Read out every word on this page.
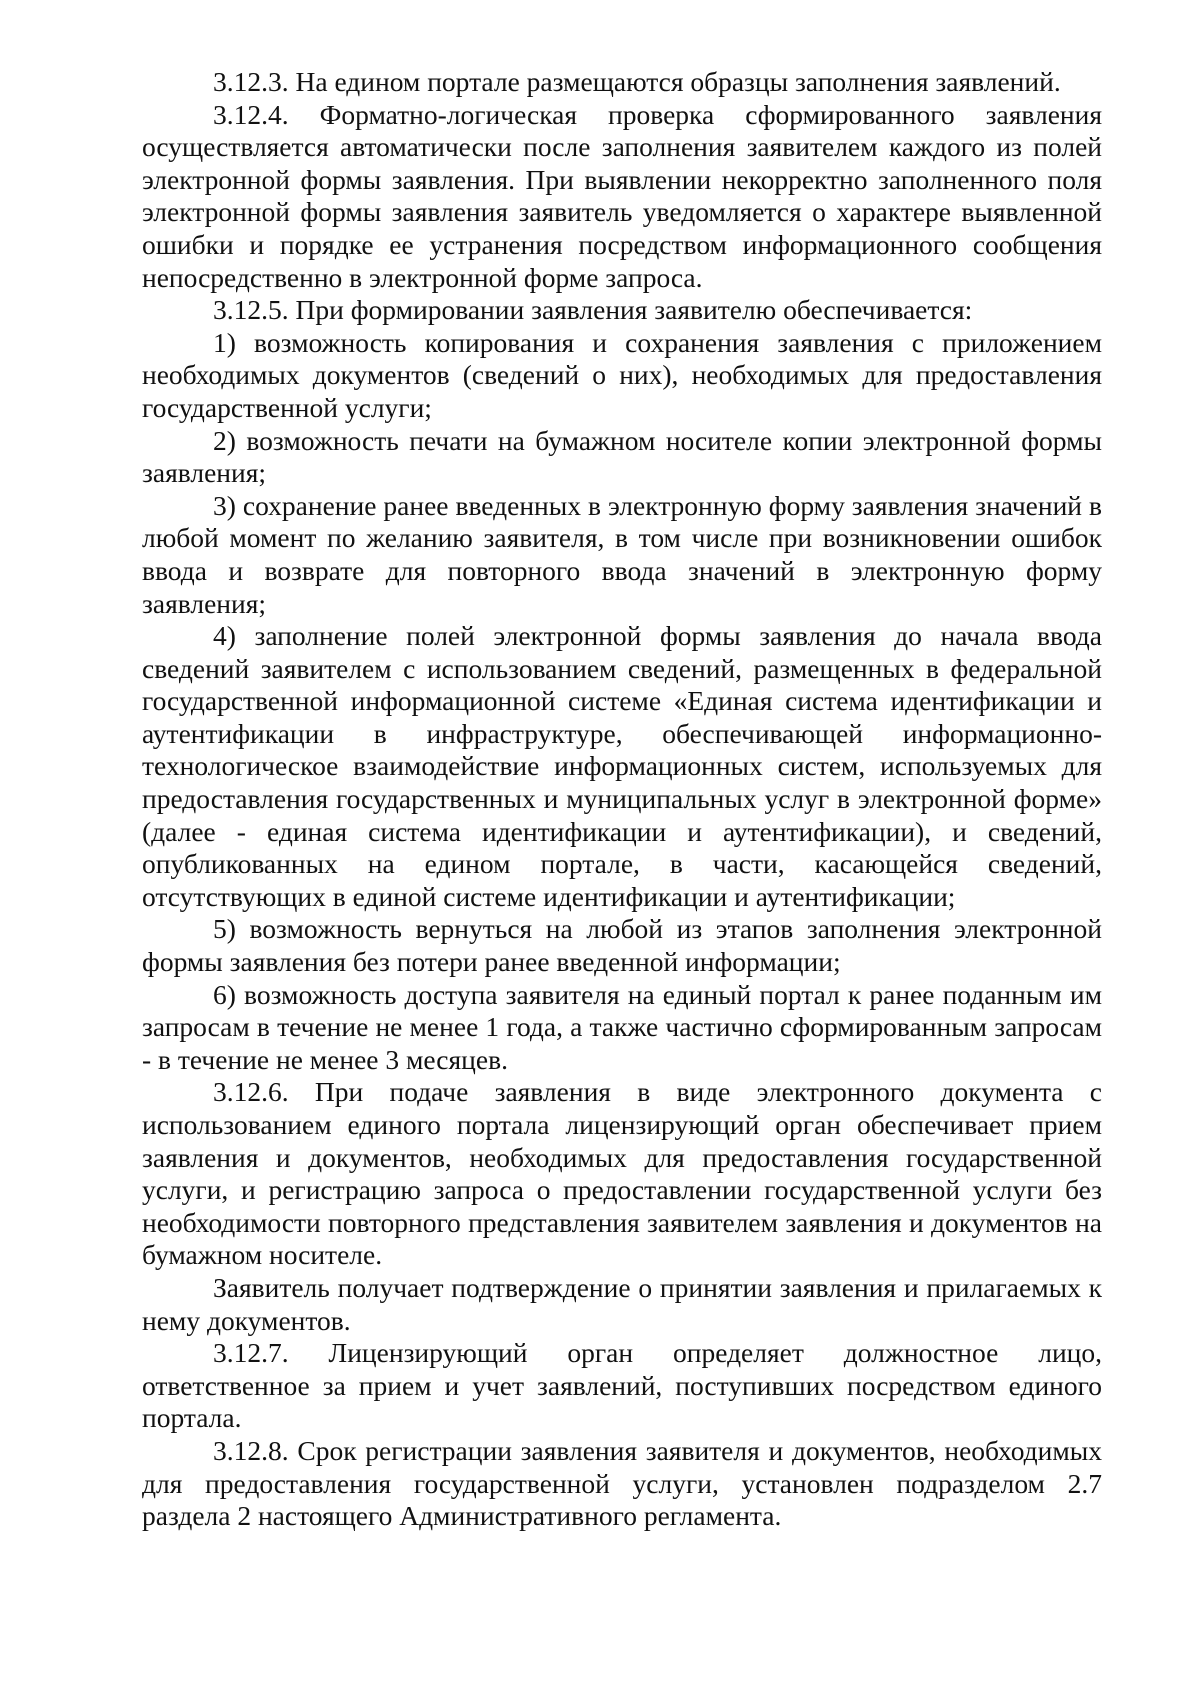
3.12.3. На едином портале размещаются образцы заполнения заявлений.

3.12.4. Форматно-логическая проверка сформированного заявления осуществляется автоматически после заполнения заявителем каждого из полей электронной формы заявления. При выявлении некорректно заполненного поля электронной формы заявления заявитель уведомляется о характере выявленной ошибки и порядке ее устранения посредством информационного сообщения непосредственно в электронной форме запроса.

3.12.5. При формировании заявления заявителю обеспечивается:

1) возможность копирования и сохранения заявления с приложением необходимых документов (сведений о них), необходимых для предоставления государственной услуги;

2) возможность печати на бумажном носителе копии электронной формы заявления;

3) сохранение ранее введенных в электронную форму заявления значений в любой момент по желанию заявителя, в том числе при возникновении ошибок ввода и возврате для повторного ввода значений в электронную форму заявления;

4) заполнение полей электронной формы заявления до начала ввода сведений заявителем с использованием сведений, размещенных в федеральной государственной информационной системе «Единая система идентификации и аутентификации в инфраструктуре, обеспечивающей информационно-технологическое взаимодействие информационных систем, используемых для предоставления государственных и муниципальных услуг в электронной форме» (далее - единая система идентификации и аутентификации), и сведений, опубликованных на едином портале, в части, касающейся сведений, отсутствующих в единой системе идентификации и аутентификации;

5) возможность вернуться на любой из этапов заполнения электронной формы заявления без потери ранее введенной информации;

6) возможность доступа заявителя на единый портал к ранее поданным им запросам в течение не менее 1 года, а также частично сформированным запросам - в течение не менее 3 месяцев.

3.12.6. При подаче заявления в виде электронного документа с использованием единого портала лицензирующий орган обеспечивает прием заявления и документов, необходимых для предоставления государственной услуги, и регистрацию запроса о предоставлении государственной услуги без необходимости повторного представления заявителем заявления и документов на бумажном носителе.

Заявитель получает подтверждение о принятии заявления и прилагаемых к нему документов.

3.12.7. Лицензирующий орган определяет должностное лицо, ответственное за прием и учет заявлений, поступивших посредством единого портала.

3.12.8. Срок регистрации заявления заявителя и документов, необходимых для предоставления государственной услуги, установлен подразделом 2.7 раздела 2 настоящего Административного регламента.
